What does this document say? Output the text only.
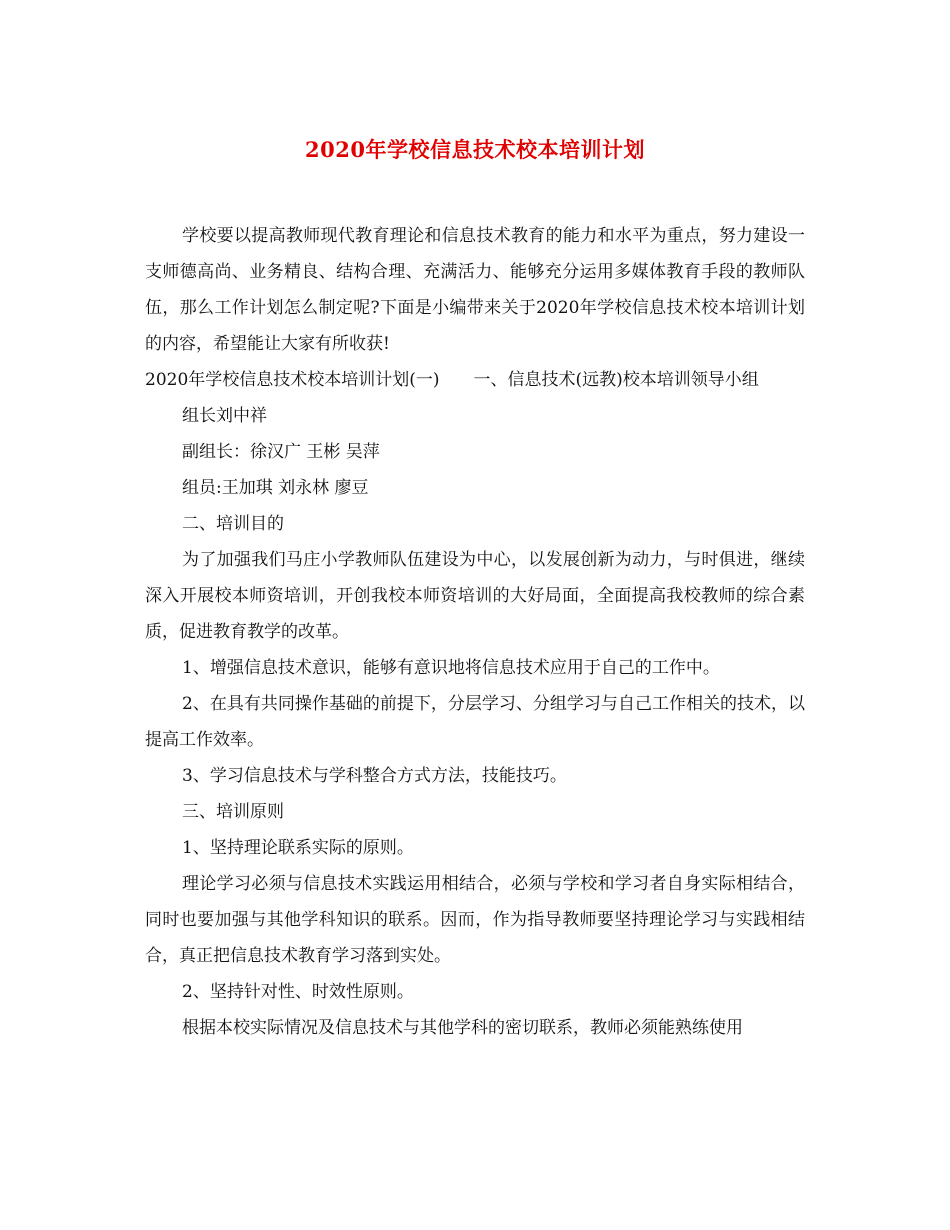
2020年学校信息技术校本培训计划

学校要以提高教师现代教育理论和信息技术教育的能力和水平为重点，努力建设一支师德高尚、业务精良、结构合理、充满活力、能够充分运用多媒体教育手段的教师队伍，那么工作计划怎么制定呢?下面是小编带来关于2020年学校信息技术校本培训计划的内容，希望能让大家有所收获!

2020年学校信息技术校本培训计划(一)　　一、信息技术(远教)校本培训领导小组

组长刘中祥

副组长：徐汉广 王彬 吴萍

组员:王加琪 刘永林 廖豆

二、培训目的

为了加强我们马庄小学教师队伍建设为中心，以发展创新为动力，与时俱进，继续深入开展校本师资培训，开创我校本师资培训的大好局面，全面提高我校教师的综合素质，促进教育教学的改革。

1、增强信息技术意识，能够有意识地将信息技术应用于自己的工作中。

2、在具有共同操作基础的前提下，分层学习、分组学习与自己工作相关的技术，以提高工作效率。

3、学习信息技术与学科整合方式方法，技能技巧。

三、培训原则

1、坚持理论联系实际的原则。

理论学习必须与信息技术实践运用相结合，必须与学校和学习者自身实际相结合，同时也要加强与其他学科知识的联系。因而，作为指导教师要坚持理论学习与实践相结合，真正把信息技术教育学习落到实处。

2、坚持针对性、时效性原则。

根据本校实际情况及信息技术与其他学科的密切联系，教师必须能熟练使用
